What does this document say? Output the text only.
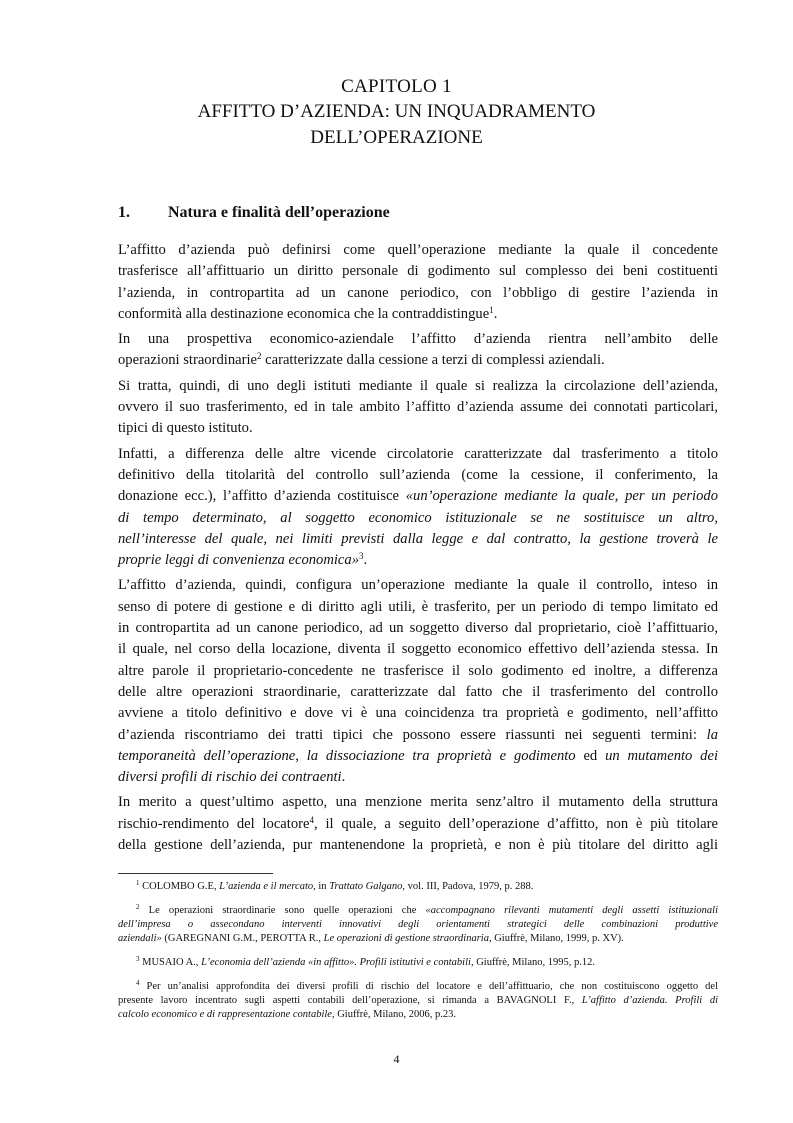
CAPITOLO 1
AFFITTO D’AZIENDA: UN INQUADRAMENTO
DELL’OPERAZIONE
1. Natura e finalità dell’operazione

L’affitto d’azienda può definirsi come quell’operazione mediante la quale il concedente
trasferisce all’affittuario un diritto personale di godimento sul complesso dei beni costituenti
l’azienda, in contropartita ad un canone periodico, con l’obbligo di gestire l’azienda in
conformità alla destinazione economica che la contraddistingue$^1$.

In una prospettiva economico-aziendale l’affitto d’azienda rientra nell’ambito delle
operazioni straordinarie$^2$ caratterizzate dalla cessione a terzi di complessi aziendali.

Si tratta, quindi, di uno degli istituti mediante il quale si realizza la circolazione dell’azienda,
ovvero il suo trasferimento, ed in tale ambito l’affitto d’azienda assume dei connotati particolari,
tipici di questo istituto.

Infatti, a differenza delle altre vicende circolatorie caratterizzate dal trasferimento a titolo
definitivo della titolarità del controllo sull’azienda (come la cessione, il conferimento, la
donazione ecc.), l’affitto d’azienda costituisce «un’operazione mediante la quale, per un periodo
di tempo determinato, al soggetto economico istituzionale se ne sostituisce un altro,
nell’interesse del quale, nei limiti previsti dalla legge e dal contratto, la gestione troverà le
proprie leggi di convenienza economica»$^3$.

L’affitto d’azienda, quindi, configura un’operazione mediante la quale il controllo, inteso in
senso di potere di gestione e di diritto agli utili, è trasferito, per un periodo di tempo limitato ed
in contropartita ad un canone periodico, ad un soggetto diverso dal proprietario, cioè l’affittuario,
il quale, nel corso della locazione, diventa il soggetto economico effettivo dell’azienda stessa. In
altre parole il proprietario-concedente ne trasferisce il solo godimento ed inoltre, a differenza
delle altre operazioni straordinarie, caratterizzate dal fatto che il trasferimento del controllo
avviene a titolo definitivo e dove vi è una coincidenza tra proprietà e godimento, nell’affitto
d’azienda riscontriamo dei tratti tipici che possono essere riassunti nei seguenti termini: la
temporaneità dell’operazione, la dissociazione tra proprietà e godimento ed un mutamento dei
diversi profili di rischio dei contraenti.

In merito a quest’ultimo aspetto, una menzione merita senz’altro il mutamento della struttura
rischio-rendimento del locatore$^4$, il quale, a seguito dell’operazione d’affitto, non è più titolare
della gestione dell’azienda, pur mantenendone la proprietà, e non è più titolare del diritto agli

$^1$ COLOMBO G.E, L’azienda e il mercato, in Trattato Galgano, vol. III, Padova, 1979, p. 288.
$^2$ Le operazioni straordinarie sono quelle operazioni che «accompagnano rilevanti mutamenti degli assetti istituzionali
dell’impresa o assecondano interventi innovativi degli orientamenti strategici delle combinazioni produttive
aziendali» (GAREGNANI G.M., PEROTTA R., Le operazioni di gestione straordinaria, Giuffrè, Milano, 1999, p. XV).
$^3$ MUSAIO A., L’economia dell’azienda «in affitto». Profili istitutivi e contabili, Giuffrè, Milano, 1995, p.12.
$^4$ Per un’analisi approfondita dei diversi profili di rischio del locatore e dell’affittuario, che non costituiscono oggetto del
presente lavoro incentrato sugli aspetti contabili dell’operazione, si rimanda a BAVAGNOLI F., L’affitto d’azienda. Profili di
calcolo economico e di rappresentazione contabile, Giuffrè, Milano, 2006, p.23.
4
